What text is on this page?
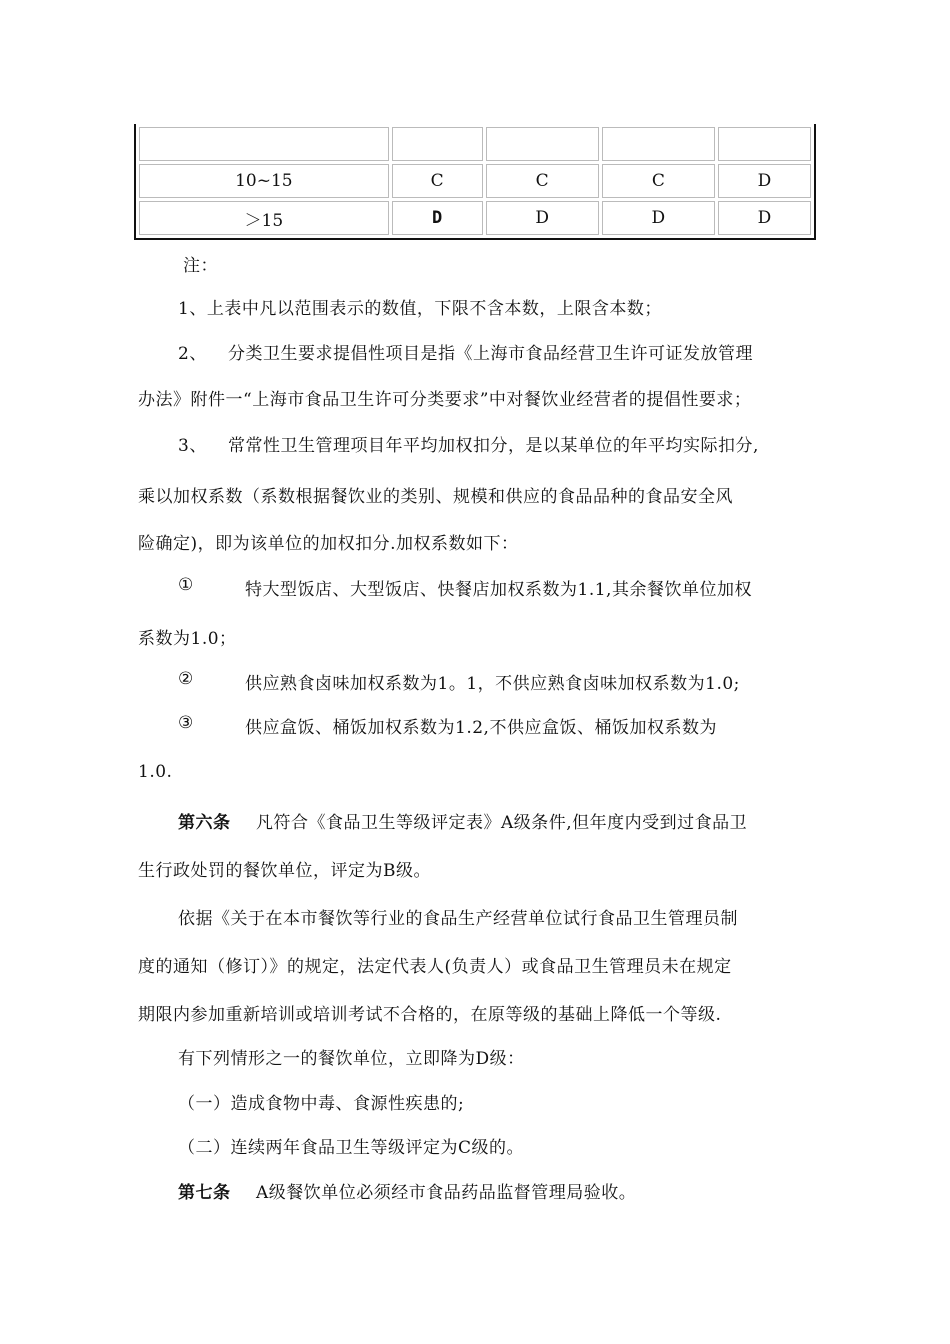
10~15	C	C	C	D
＞15	D	D	D	D
注：
1、上表中凡以范围表示的数值，下限不含本数，上限含本数；
2、 分类卫生要求提倡性项目是指《上海市食品经营卫生许可证发放管理
办法》附件一“上海市食品卫生许可分类要求”中对餐饮业经营者的提倡性要求；
3、 常常性卫生管理项目年平均加权扣分，是以某单位的年平均实际扣分,
乘以加权系数（系数根据餐饮业的类别、规模和供应的食品品种的食品安全风
险确定)，即为该单位的加权扣分.加权系数如下：
①	特大型饭店、大型饭店、快餐店加权系数为1.1,其余餐饮单位加权
系数为1.0；
②	供应熟食卤味加权系数为1。1，不供应熟食卤味加权系数为1.0;
③	供应盒饭、桶饭加权系数为1.2,不供应盒饭、桶饭加权系数为
1.0.
第六条 凡符合《食品卫生等级评定表》A级条件,但年度内受到过食品卫
生行政处罚的餐饮单位，评定为B级。
依据《关于在本市餐饮等行业的食品生产经营单位试行食品卫生管理员制
度的通知（修订）》的规定，法定代表人(负责人）或食品卫生管理员未在规定
期限内参加重新培训或培训考试不合格的，在原等级的基础上降低一个等级.
有下列情形之一的餐饮单位，立即降为D级：
（一）造成食物中毒、食源性疾患的;
（二）连续两年食品卫生等级评定为C级的。
第七条 A级餐饮单位必须经市食品药品监督管理局验收。
